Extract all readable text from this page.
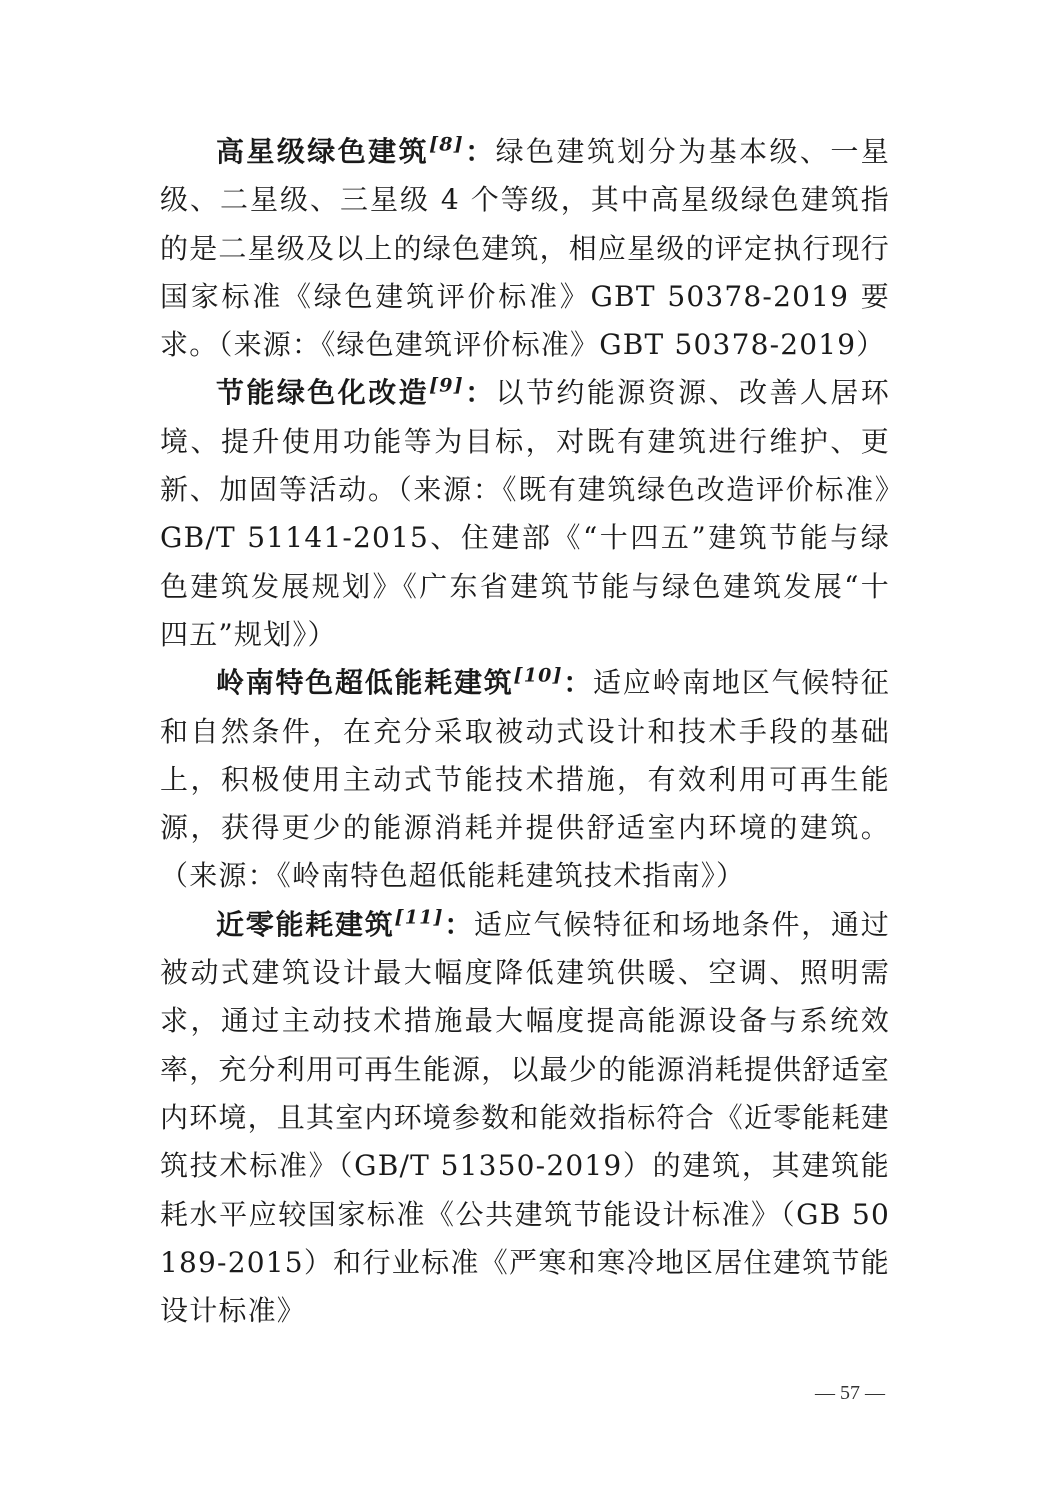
高星级绿色建筑[8]：绿色建筑划分为基本级、一星级、二星级、三星级 4 个等级，其中高星级绿色建筑指的是二星级及以上的绿色建筑，相应星级的评定执行现行国家标准《绿色建筑评价标准》GBT 50378-2019 要求。（来源：《绿色建筑评价标准》GBT 50378-2019）

节能绿色化改造[9]：以节约能源资源、改善人居环境、提升使用功能等为目标，对既有建筑进行维护、更新、加固等活动。（来源：《既有建筑绿色改造评价标准》GB/T 51141-2015、住建部《“十四五”建筑节能与绿色建筑发展规划》《广东省建筑节能与绿色建筑发展“十四五”规划》）

岭南特色超低能耗建筑[10]：适应岭南地区气候特征和自然条件，在充分采取被动式设计和技术手段的基础上，积极使用主动式节能技术措施，有效利用可再生能源，获得更少的能源消耗并提供舒适室内环境的建筑。（来源：《岭南特色超低能耗建筑技术指南》）

近零能耗建筑[11]：适应气候特征和场地条件，通过被动式建筑设计最大幅度降低建筑供暖、空调、照明需求，通过主动技术措施最大幅度提高能源设备与系统效率，充分利用可再生能源，以最少的能源消耗提供舒适室内环境，且其室内环境参数和能效指标符合《近零能耗建筑技术标准》（GB/T 51350-2019）的建筑，其建筑能耗水平应较国家标准《公共建筑节能设计标准》（GB 50189-2015）和行业标准《严寒和寒冷地区居住建筑节能设计标准》

— 57 —
